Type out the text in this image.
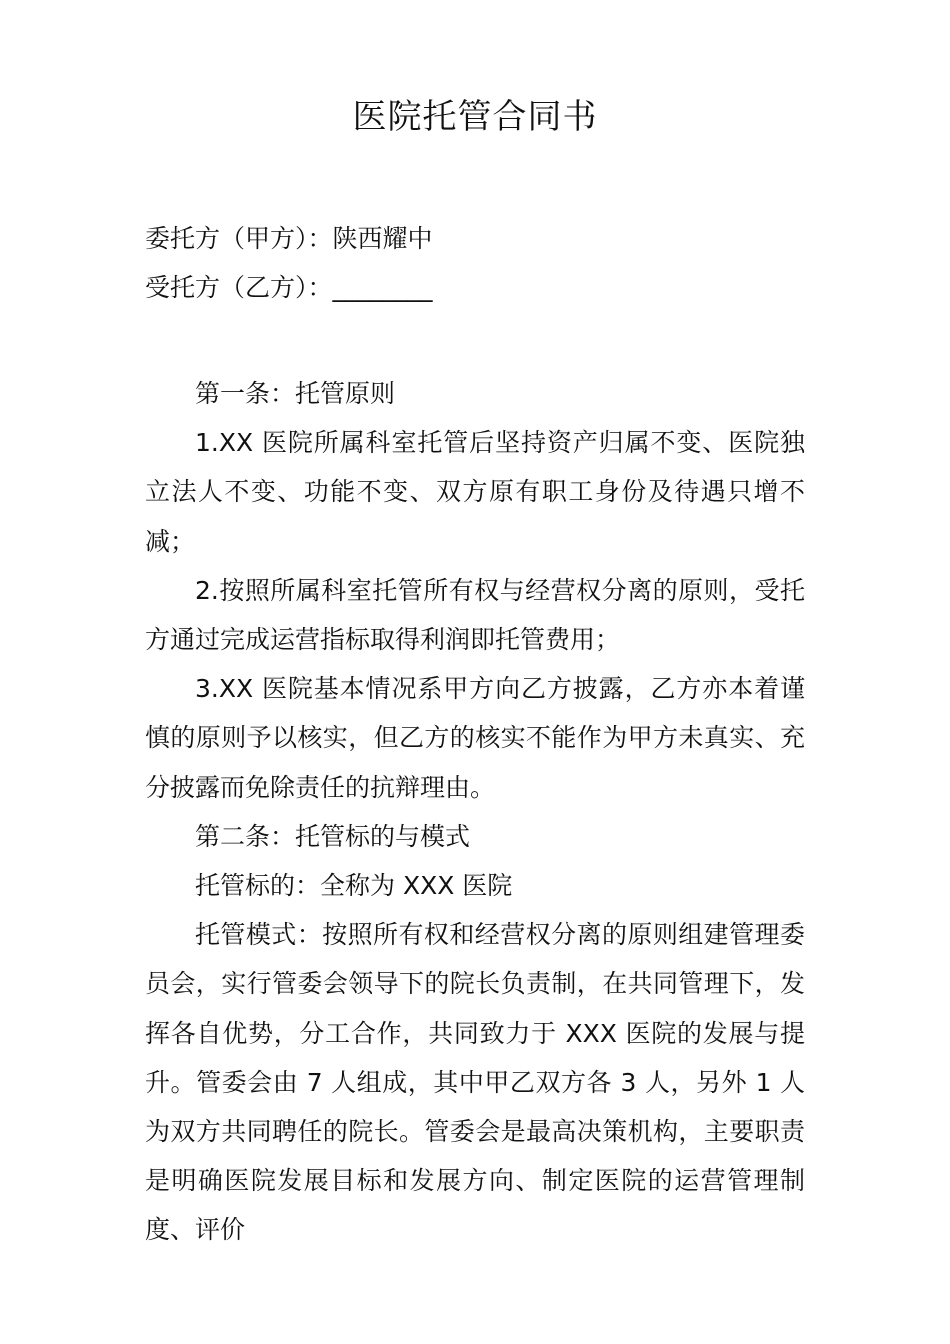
医院托管合同书
委托方（甲方）：陕西耀中
受托方（乙方）：________

第一条：托管原则

1.XX 医院所属科室托管后坚持资产归属不变、医院独立法人不变、功能不变、双方原有职工身份及待遇只增不减；

2.按照所属科室托管所有权与经营权分离的原则，受托方通过完成运营指标取得利润即托管费用；

3.XX 医院基本情况系甲方向乙方披露，乙方亦本着谨慎的原则予以核实，但乙方的核实不能作为甲方未真实、充分披露而免除责任的抗辩理由。

第二条：托管标的与模式

托管标的：全称为 XXX 医院

托管模式：按照所有权和经营权分离的原则组建管理委员会，实行管委会领导下的院长负责制，在共同管理下，发挥各自优势，分工合作，共同致力于 XXX 医院的发展与提升。管委会由 7 人组成，其中甲乙双方各 3 人，另外 1 人为双方共同聘任的院长。管委会是最高决策机构，主要职责是明确医院发展目标和发展方向、制定医院的运营管理制度、评价
